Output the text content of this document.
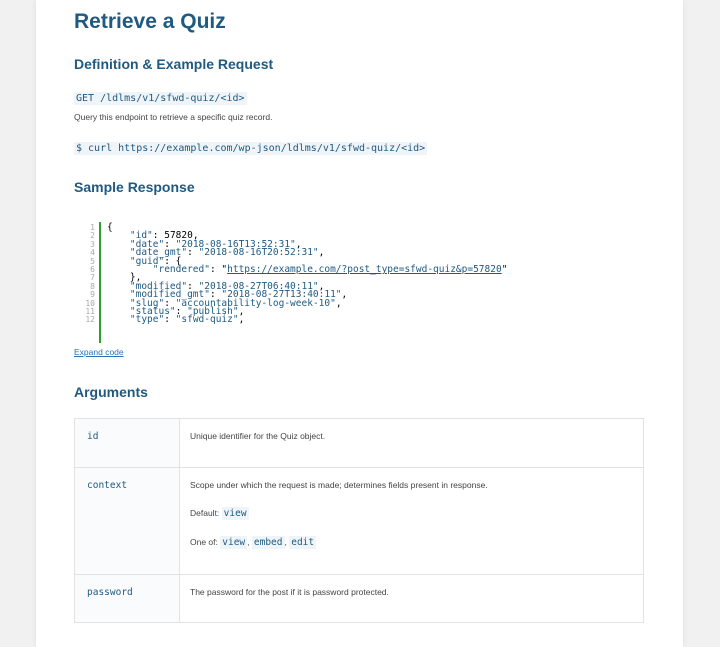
Retrieve a Quiz
Definition & Example Request
GET /ldlms/v1/sfwd-quiz/<id>
Query this endpoint to retrieve a specific quiz record.
$ curl https://example.com/wp-json/ldlms/v1/sfwd-quiz/<id>
Sample Response
1
2
3
4
5
6
7
8
9
10
11
12
{
"id": 57820,
"date": "2018-08-16T13:52:31",
"date_gmt": "2018-08-16T20:52:31",
"guid": {
"rendered": "https://example.com/?post_type=sfwd-quiz&p=57820"
},
"modified": "2018-08-27T06:40:11",
"modified_gmt": "2018-08-27T13:40:11",
"slug": "accountability-log-week-10",
"status": "publish",
"type": "sfwd-quiz",
Expand code
Arguments
id	Unique identifier for the Quiz object.

context	Scope under which the request is made; determines fields present in response.
Default: view
One of: view , embed , edit

password	The password for the post if it is password protected.
